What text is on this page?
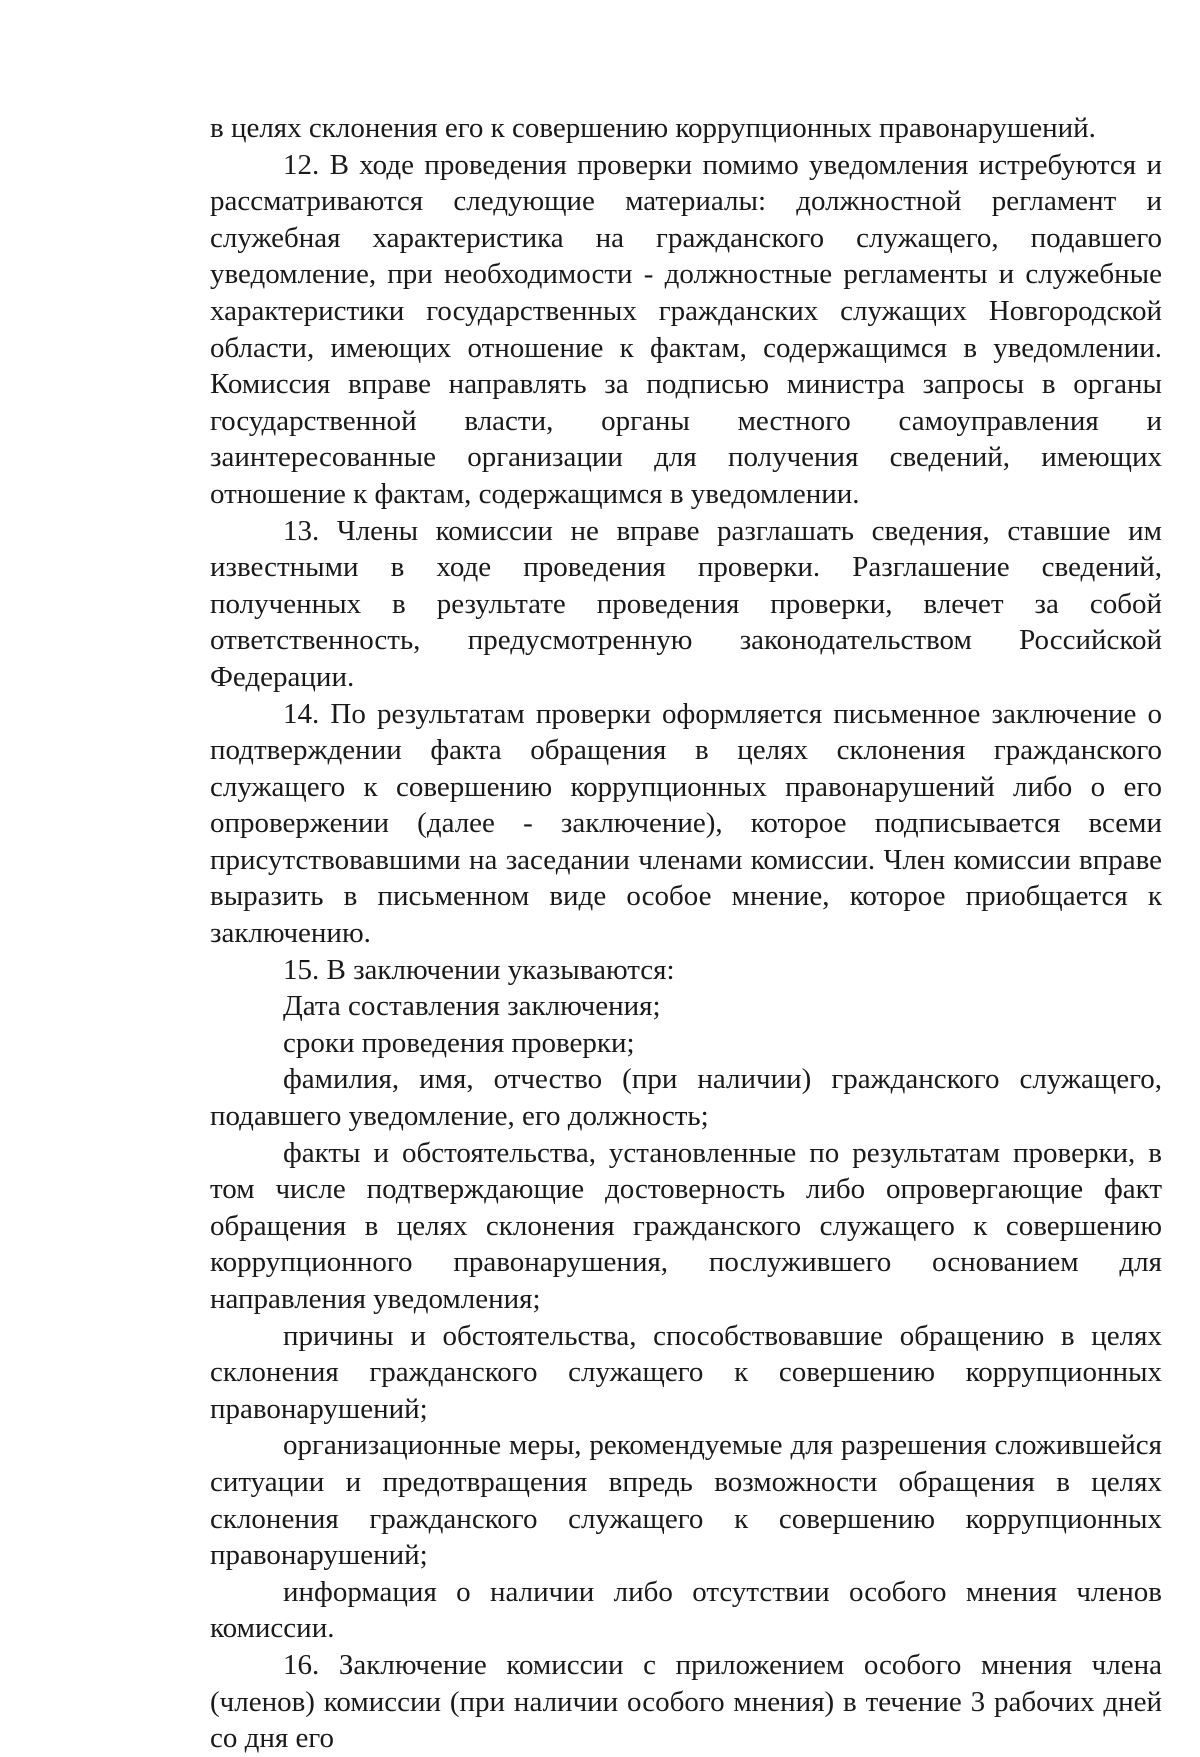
в целях склонения его к совершению коррупционных правонарушений.

12. В ходе проведения проверки помимо уведомления истребуются и рассматриваются следующие материалы: должностной регламент и служебная характеристика на гражданского служащего, подавшего уведомление, при необходимости - должностные регламенты и служебные характеристики государственных гражданских служащих Новгородской области, имеющих отношение к фактам, содержащимся в уведомлении. Комиссия вправе направлять за подписью министра запросы в органы государственной власти, органы местного самоуправления и заинтересованные организации для получения сведений, имеющих отношение к фактам, содержащимся в уведомлении.

13. Члены комиссии не вправе разглашать сведения, ставшие им известными в ходе проведения проверки. Разглашение сведений, полученных в результате проведения проверки, влечет за собой ответственность, предусмотренную законодательством Российской Федерации.

14. По результатам проверки оформляется письменное заключение о подтверждении факта обращения в целях склонения гражданского служащего к совершению коррупционных правонарушений либо о его опровержении (далее - заключение), которое подписывается всеми присутствовавшими на заседании членами комиссии. Член комиссии вправе выразить в письменном виде особое мнение, которое приобщается к заключению.

15. В заключении указываются:

Дата составления заключения;

сроки проведения проверки;

фамилия, имя, отчество (при наличии) гражданского служащего, подавшего уведомление, его должность;

факты и обстоятельства, установленные по результатам проверки, в том числе подтверждающие достоверность либо опровергающие факт обращения в целях склонения гражданского служащего к совершению коррупционного правонарушения, послужившего основанием для направления уведомления;

причины и обстоятельства, способствовавшие обращению в целях склонения гражданского служащего к совершению коррупционных правонарушений;

организационные меры, рекомендуемые для разрешения сложившейся ситуации и предотвращения впредь возможности обращения в целях склонения гражданского служащего к совершению коррупционных правонарушений;

информация о наличии либо отсутствии особого мнения членов комиссии.

16. Заключение комиссии с приложением особого мнения члена (членов) комиссии (при наличии особого мнения) в течение 3 рабочих дней со дня его
